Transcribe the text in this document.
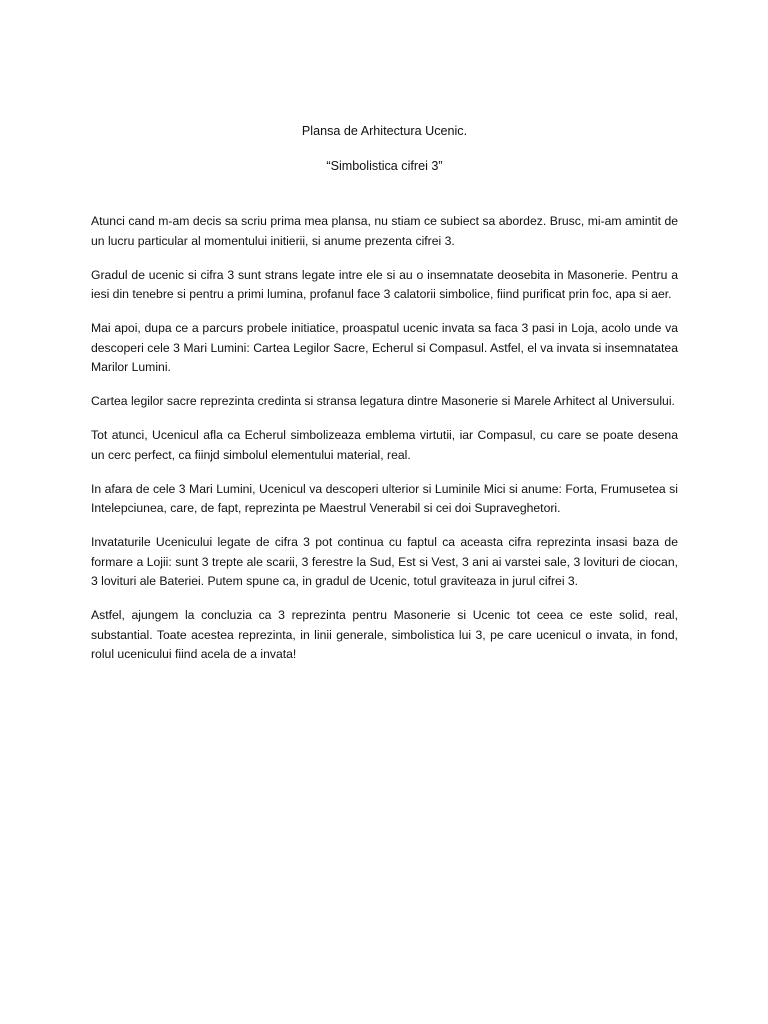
Plansa de Arhitectura Ucenic.

“Simbolistica cifrei 3”

Atunci cand m-am decis sa scriu prima mea plansa, nu stiam ce subiect sa abordez. Brusc, mi-am amintit de un lucru particular al momentului initierii, si anume prezenta cifrei 3.

Gradul de ucenic si cifra 3 sunt strans legate intre ele si au o insemnatate deosebita in Masonerie. Pentru a iesi din tenebre si pentru a primi lumina, profanul face 3 calatorii simbolice, fiind purificat prin foc, apa si aer.

Mai apoi, dupa ce a parcurs probele initiatice, proaspatul ucenic invata sa faca 3 pasi in Loja, acolo unde va descoperi cele 3 Mari Lumini: Cartea Legilor Sacre, Echerul si Compasul. Astfel, el va invata si insemnatatea Marilor Lumini.

Cartea legilor sacre reprezinta credinta si stransa legatura dintre Masonerie si Marele Arhitect al Universului.

Tot atunci, Ucenicul afla ca Echerul simbolizeaza emblema virtutii, iar Compasul, cu care se poate desena un cerc perfect, ca fiinjd simbolul elementului material, real.

In afara de cele 3 Mari Lumini, Ucenicul va descoperi ulterior si Luminile Mici si anume: Forta, Frumusetea si Intelepciunea, care, de fapt, reprezinta pe Maestrul Venerabil si cei doi Supraveghetori.

Invataturile Ucenicului legate de cifra 3 pot continua cu faptul ca aceasta cifra reprezinta insasi baza de formare a Lojii: sunt 3 trepte ale scarii, 3 ferestre la Sud, Est si Vest, 3 ani ai varstei sale, 3 lovituri de ciocan, 3 lovituri ale Bateriei. Putem spune ca, in gradul de Ucenic, totul graviteaza in jurul cifrei 3.

Astfel, ajungem la concluzia ca 3 reprezinta pentru Masonerie si Ucenic tot ceea ce este solid, real, substantial. Toate acestea reprezinta, in linii generale, simbolistica lui 3, pe care ucenicul o invata, in fond, rolul ucenicului fiind acela de a invata!
